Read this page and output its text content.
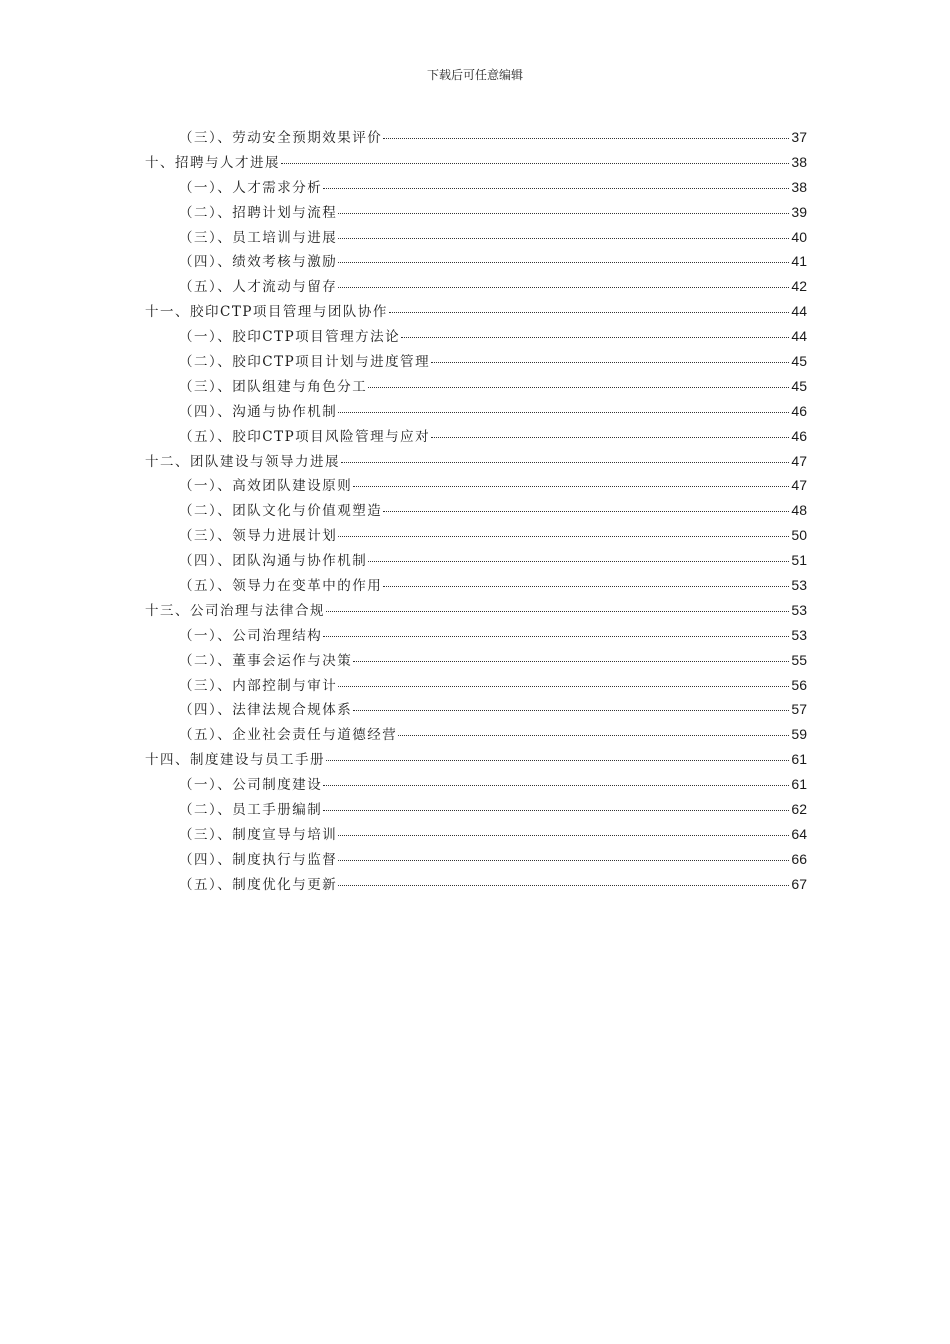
下载后可任意编辑
（三）、劳动安全预期效果评价	37
十、招聘与人才进展	38
（一）、人才需求分析	38
（二）、招聘计划与流程	39
（三）、员工培训与进展	40
（四）、绩效考核与激励	41
（五）、人才流动与留存	42
十一、胶印CTP项目管理与团队协作	44
（一）、胶印CTP项目管理方法论	44
（二）、胶印CTP项目计划与进度管理	45
（三）、团队组建与角色分工	45
（四）、沟通与协作机制	46
（五）、胶印CTP项目风险管理与应对	46
十二、团队建设与领导力进展	47
（一）、高效团队建设原则	47
（二）、团队文化与价值观塑造	48
（三）、领导力进展计划	50
（四）、团队沟通与协作机制	51
（五）、领导力在变革中的作用	53
十三、公司治理与法律合规	53
（一）、公司治理结构	53
（二）、董事会运作与决策	55
（三）、内部控制与审计	56
（四）、法律法规合规体系	57
（五）、企业社会责任与道德经营	59
十四、制度建设与员工手册	61
（一）、公司制度建设	61
（二）、员工手册编制	62
（三）、制度宣导与培训	64
（四）、制度执行与监督	66
（五）、制度优化与更新	67
